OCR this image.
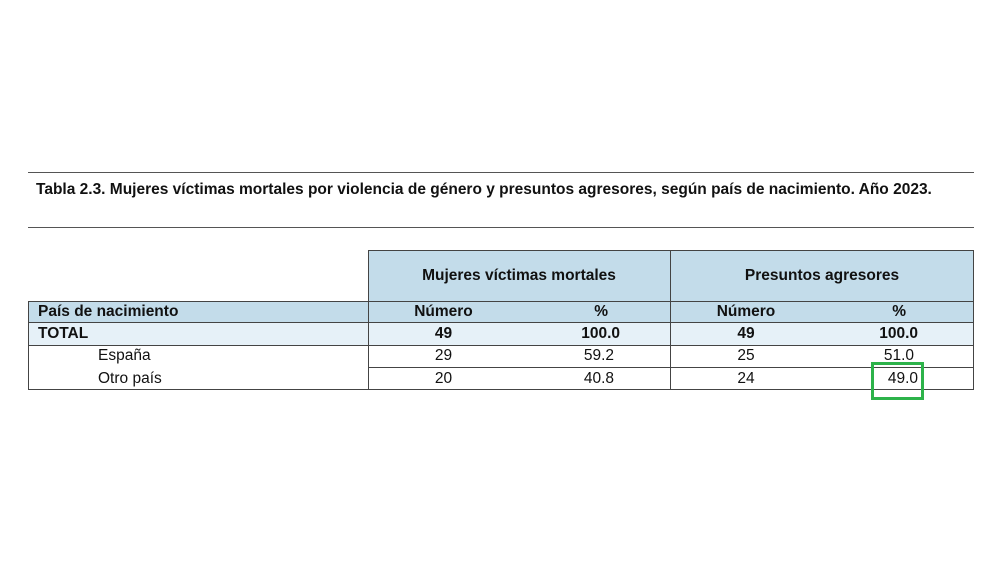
Tabla 2.3. Mujeres víctimas mortales por violencia de género y presuntos agresores, según país de nacimiento. Año 2023.
Mujeres víctimas mortales	Presuntos agresores
País de nacimiento	Número	%	Número	%
TOTAL	49	100.0	49	100.0
España	29	59.2	25	51.0
Otro país	20	40.8	24	49.0
